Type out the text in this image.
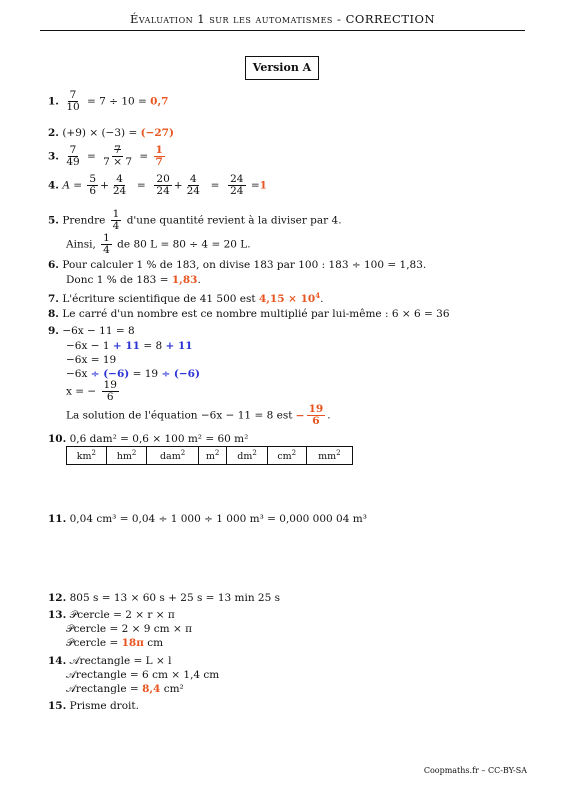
Évaluation 1 sur les automatismes - CORRECTION
Version A
1. $\frac{7}{10} = 7 \div 10 = 0,7$
2. (+9) × (−3) = (−27)
3. $\frac{7}{49} = \frac{7}{7 \times 7} = \frac{1}{7}$
4. $A = \frac{5}{6} + \frac{4}{24} = \frac{20}{24} + \frac{4}{24} = \frac{24}{24} =1$
5. Prendre $\frac{1}{4} d'une$ quantité revient à la diviser par 4.
Ainsi, $\frac{1}{4}$ de 80 L = 80 ÷ 4 = 20 L.
6. Pour calculer 1 % de 183, on divise 183 par 100 : 183 ÷ 100 = 1,83.
Donc 1 % de 183 = 1,83.
7. L'écriture scientifique de 41 500 est $4,15 \times 10^4$.
8. Le carré d'un nombre est ce nombre multiplié par lui-même : 6 × 6 = 36
9. −6x − 11 = 8
−6x − 1 + 11 = 8 + 11
−6x = 19
−6x ÷ (−6) = 19 ÷ (−6)
x = − $\frac{19}{6}$
La solution de l'équation −6x − 11 = 8 est − $\frac{19}{6}$ .
10. 0,6 dam² = 0,6 × 100 m² = 60 m²
$km^2$	$hm^2$	dam$^2$	$m^2$	$dm^2$	$cm^2$	$mm^2$

11. 0,04 cm³ = 0,04 ÷ 1 000 ÷ 1 000 m³ = 0,000 000 04 m³

12. 805 s = 13 × 60 s + 25 s = 13 min 25 s
13. 𝒫cercle = 2 × r × π
𝒫cercle = 2 × 9 cm × π
𝒫cercle = 18π cm
14. 𝒜rectangle = L × l
𝒜rectangle = 6 cm × 1,4 cm
𝒜rectangle = 8,4 cm²
15. Prisme droit.
Coopmaths.fr – CC-BY-SA
